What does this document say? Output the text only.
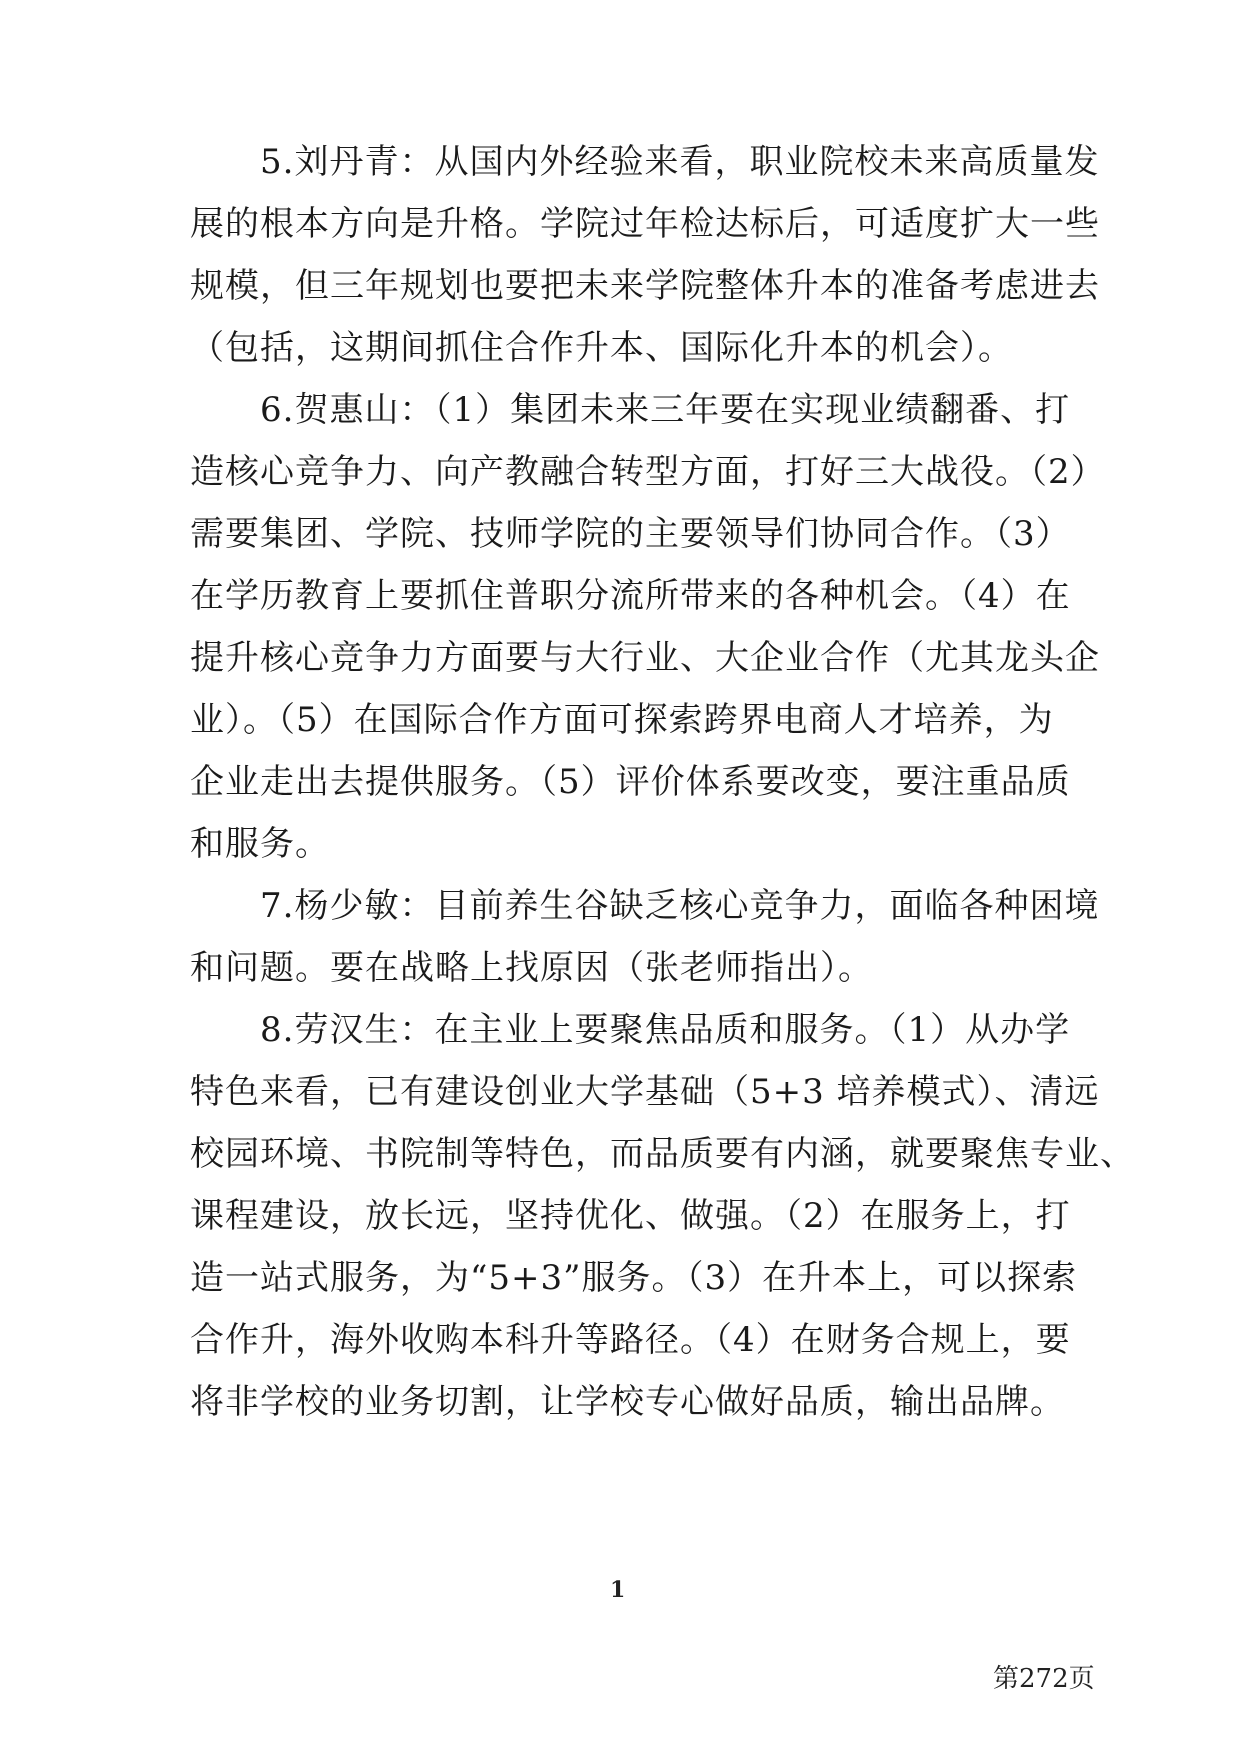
　　5.刘丹青：从国内外经验来看，职业院校未来高质量发
展的根本方向是升格。学院过年检达标后，可适度扩大一些
规模，但三年规划也要把未来学院整体升本的准备考虑进去
（包括，这期间抓住合作升本、国际化升本的机会）。
　　6.贺惠山：（1）集团未来三年要在实现业绩翻番、打
造核心竞争力、向产教融合转型方面，打好三大战役。（2）
需要集团、学院、技师学院的主要领导们协同合作。（3）
在学历教育上要抓住普职分流所带来的各种机会。（4）在
提升核心竞争力方面要与大行业、大企业合作（尤其龙头企
业）。（5）在国际合作方面可探索跨界电商人才培养，为
企业走出去提供服务。（5）评价体系要改变，要注重品质
和服务。
　　7.杨少敏：目前养生谷缺乏核心竞争力，面临各种困境
和问题。要在战略上找原因（张老师指出）。
　　8.劳汉生：在主业上要聚焦品质和服务。（1）从办学
特色来看，已有建设创业大学基础（5+3 培养模式）、清远
校园环境、书院制等特色，而品质要有内涵，就要聚焦专业、
课程建设，放长远，坚持优化、做强。（2）在服务上，打
造一站式服务，为“5+3”服务。（3）在升本上，可以探索
合作升，海外收购本科升等路径。（4）在财务合规上，要
将非学校的业务切割，让学校专心做好品质，输出品牌。
1
第272页
